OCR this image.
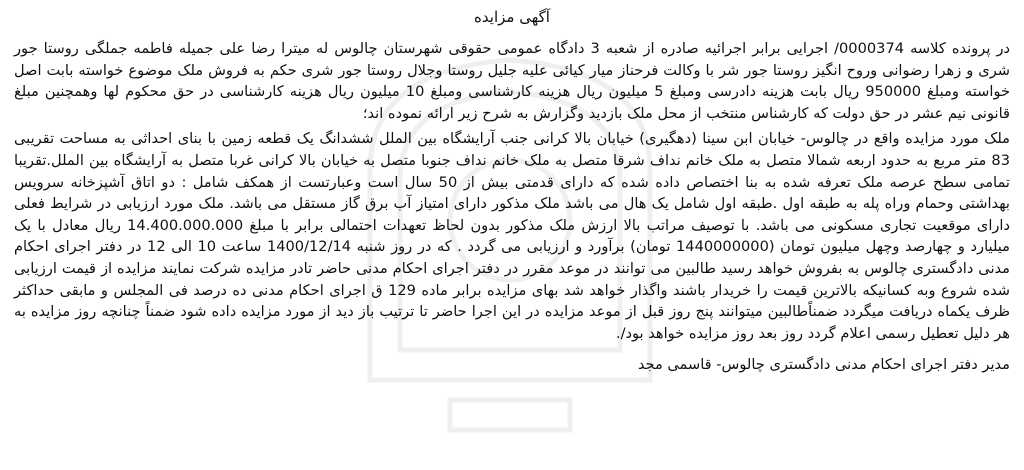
آگهی مزایده

در پرونده کلاسه 0000374/ اجرایی برابر اجرائیه صادره از شعبه 3 دادگاه عمومی حقوقی شهرستان چالوس له میترا رضا علی جمیله فاطمه جملگی روستا جور شری و زهرا رضوانی وروح انگیز روستا جور شر با وکالت فرحناز میار کیائی علیه جلیل روستا وجلال روستا جور شری حکم به فروش ملک موضوع خواسته بابت اصل خواسته ومبلغ 950000 ریال بابت هزینه دادرسی ومبلغ 5 میلیون ریال هزینه کارشناسی ومبلغ 10 میلیون ریال هزینه کارشناسی در حق محکوم لها وهمچنین مبلغ قانونی نیم عشر در حق دولت که کارشناس منتخب از محل ملک بازدید وگزارش به شرح زیر ارائه نموده اند؛

ملک مورد مزایده واقع در چالوس- خیابان ابن سینا (دهگیری) خیابان بالا کرانی جنب آرایشگاه بین الملل ششدانگ یک قطعه زمین با بنای احداثی به مساحت تقریبی 83 متر مربع به حدود اربعه شمالا متصل به ملک خانم نداف شرقا متصل به ملک خانم نداف جنوبا متصل به خیابان بالا کرانی غربا متصل به آرایشگاه بین الملل.تقریبا تمامی سطح عرصه ملک تعرفه شده به بنا اختصاص داده شده که دارای قدمتی بیش از 50 سال است وعبارتست از همکف شامل : دو اتاق آشپزخانه سرویس بهداشتی وحمام وراه پله به طبقه اول .طبقه اول شامل یک هال می باشد ملک مذکور دارای امتیاز آب برق گاز مستقل می باشد. ملک مورد ارزیابی در شرایط فعلی دارای موقعیت تجاری مسکونی می باشد. با توصیف مراتب بالا ارزش ملک مذکور بدون لحاظ تعهدات احتمالی برابر با مبلغ 14.400.000.000 ریال معادل با یک میلیارد و چهارصد وچهل میلیون تومان (1440000000 تومان) برآورد و ارزیابی می گردد . که در روز شنبه 1400/12/14 ساعت 10 الی 12 در دفتر اجرای احکام مدنی دادگستری چالوس به بفروش خواهد رسید طالبین می توانند در موعد مقرر در دفتر اجرای احکام مدنی حاضر تادر مزایده شرکت نمایند مزایده از قیمت ارزیابی شده شروع وبه کسانیکه بالاترین قیمت را خریدار باشند واگذار خواهد شد بهای مزایده برابر ماده 129 ق اجرای احکام مدنی ده درصد فی المجلس و مابقی حداکثر ظرف یکماه دریافت میگردد ضمناًطالبین میتوانند پنج روز قبل از موعد مزایده در این اجرا حاضر تا ترتیب باز دید از مورد مزایده داده شود ضمناً چنانچه روز مزایده به هر دلیل تعطیل رسمی اعلام گردد روز بعد روز مزایده خواهد بود/.

مدیر دفتر اجرای احکام مدنی دادگستری چالوس- قاسمی مجد
